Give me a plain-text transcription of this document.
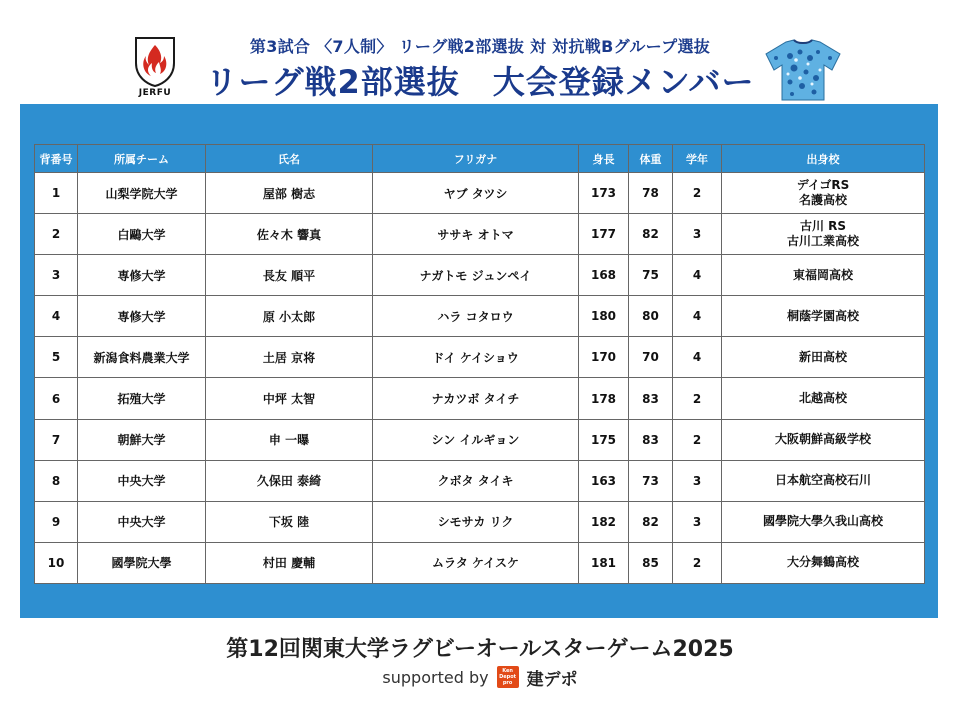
JERFU
第3試合 〈7人制〉 リーグ戦2部選抜 対 対抗戦Bグループ選抜
リーグ戦2部選抜　大会登録メンバー
背番号	所属チーム	氏名	フリガナ	身長	体重	学年	出身校
1	山梨学院大学	屋部 樹志	ヤブ タツシ	173	78	2	デイゴRS
名護高校

2	白鷗大学	佐々木 響真	ササキ オトマ	177	82	3	古川 RS
古川工業高校

3	専修大学	長友 順平	ナガトモ ジュンペイ	168	75	4	東福岡高校

4	専修大学	原 小太郎	ハラ コタロウ	180	80	4	桐蔭学園高校

5	新潟食料農業大学	土居 京将	ドイ ケイショウ	170	70	4	新田高校

6	拓殖大学	中坪 太智	ナカツボ タイチ	178	83	2	北越高校

7	朝鮮大学	申 一曝	シン イルギョン	175	83	2	大阪朝鮮高級学校

8	中央大学	久保田 泰綺	クボタ タイキ	163	73	3	日本航空高校石川

9	中央大学	下坂 陸	シモサカ リク	182	82	3	國學院大學久我山高校

10	國學院大學	村田 慶輔	ムラタ ケイスケ	181	85	2	大分舞鶴高校
第12回関東大学ラグビーオールスターゲーム2025
supported by	Ken
Depot
pro 建デポ
